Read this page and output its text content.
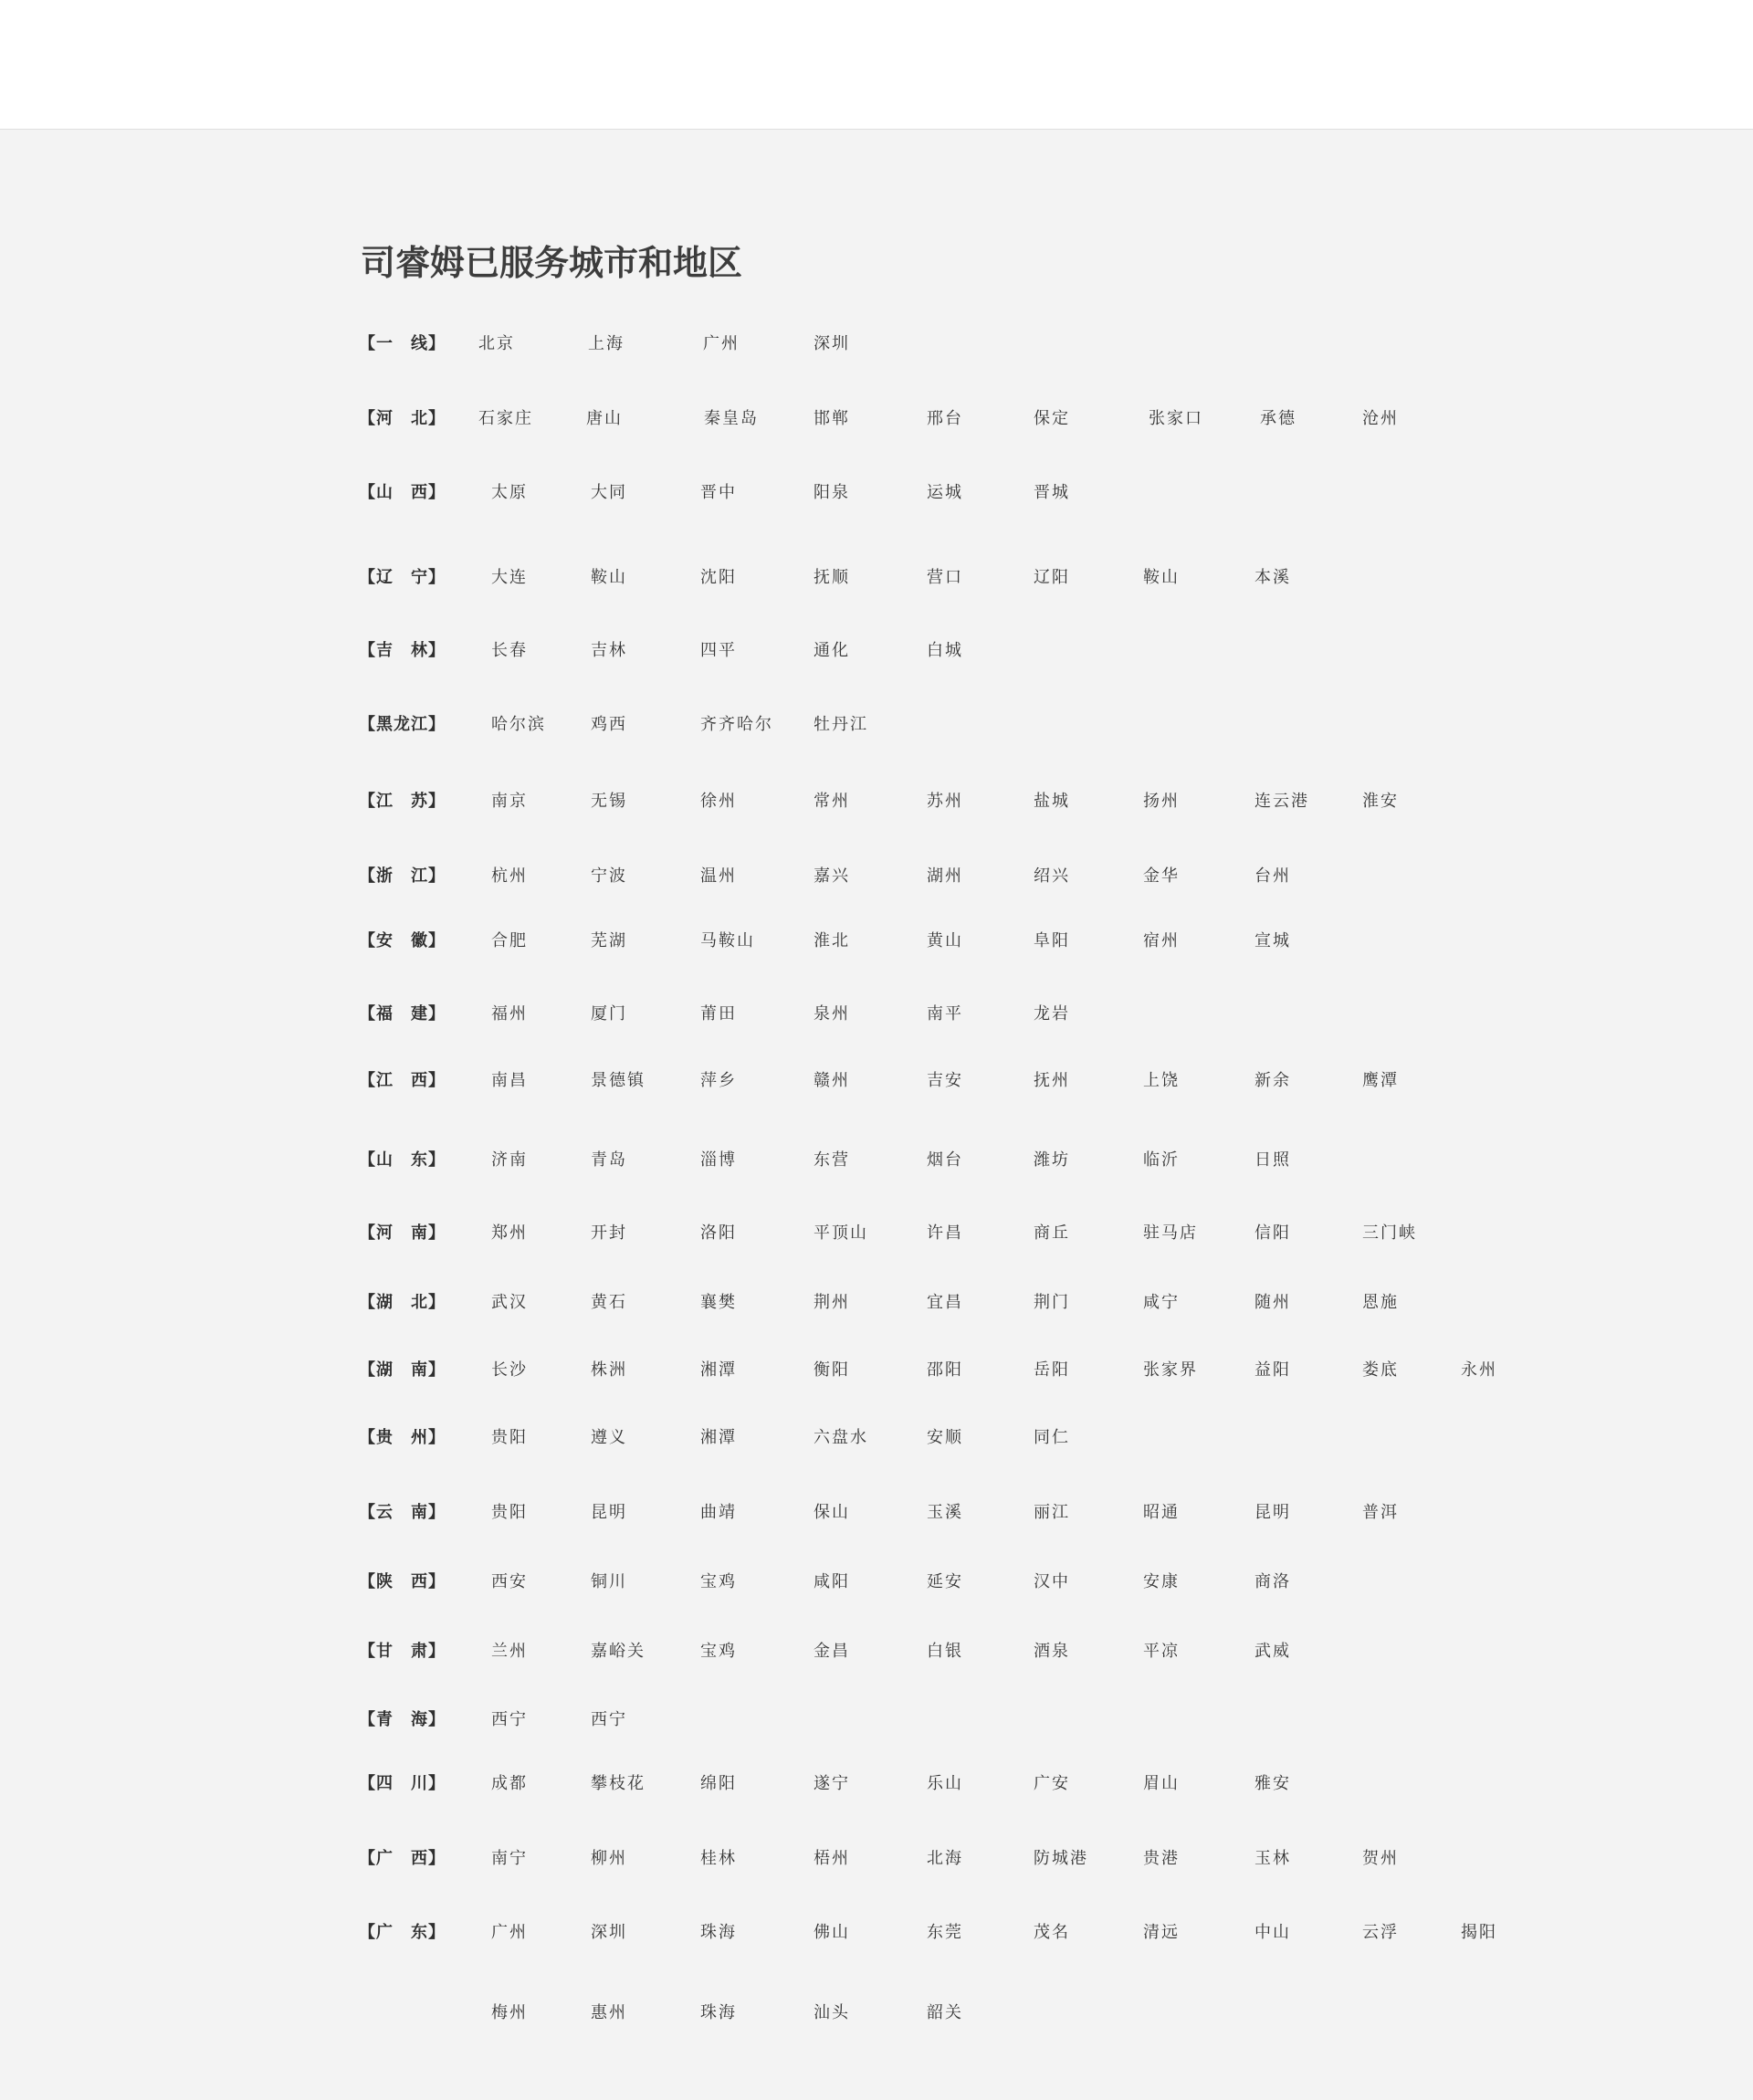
司睿姆已服务城市和地区
【一　线】 北京	上海	广州	深圳
【河　北】 石家庄	唐山	秦皇岛	邯郸	邢台	保定	张家口	承德	沧州
【山　西】	太原	大同	晋中	阳泉	运城	晋城
【辽　宁】	大连	鞍山	沈阳	抚顺	营口	辽阳	鞍山	本溪
【吉　林】	长春	吉林	四平	通化	白城
【黑龙江】	哈尔滨	鸡西	齐齐哈尔 牡丹江
【江　苏】	南京	无锡	徐州	常州	苏州	盐城	扬州	连云港	淮安
【浙　江】	杭州	宁波	温州	嘉兴	湖州	绍兴	金华	台州
【安　徽】	合肥	芜湖	马鞍山	淮北	黄山	阜阳	宿州	宣城
【福　建】	福州	厦门	莆田	泉州	南平	龙岩
【江　西】	南昌	景德镇	萍乡	赣州	吉安	抚州	上饶	新余	鹰潭
【山　东】	济南	青岛	淄博	东营	烟台	潍坊	临沂	日照
【河　南】	郑州	开封	洛阳	平顶山	许昌	商丘	驻马店	信阳	三门峡
【湖　北】	武汉	黄石	襄樊	荆州	宜昌	荆门	咸宁	随州	恩施
【湖　南】	长沙	株洲	湘潭	衡阳	邵阳	岳阳	张家界	益阳	娄底	永州
【贵　州】	贵阳	遵义	湘潭	六盘水	安顺	同仁
【云　南】	贵阳	昆明	曲靖	保山	玉溪	丽江	昭通	昆明	普洱
【陕　西】	西安	铜川	宝鸡	咸阳	延安	汉中	安康	商洛
【甘　肃】	兰州	嘉峪关	宝鸡	金昌	白银	酒泉	平凉	武威
【青　海】	西宁	西宁
【四　川】	成都	攀枝花	绵阳	遂宁	乐山	广安	眉山	雅安
【广　西】	南宁	柳州	桂林	梧州	北海	防城港	贵港	玉林	贺州
【广　东】	广州	深圳	珠海	佛山	东莞	茂名	清远	中山	云浮	揭阳
梅州	惠州	珠海	汕头	韶关
